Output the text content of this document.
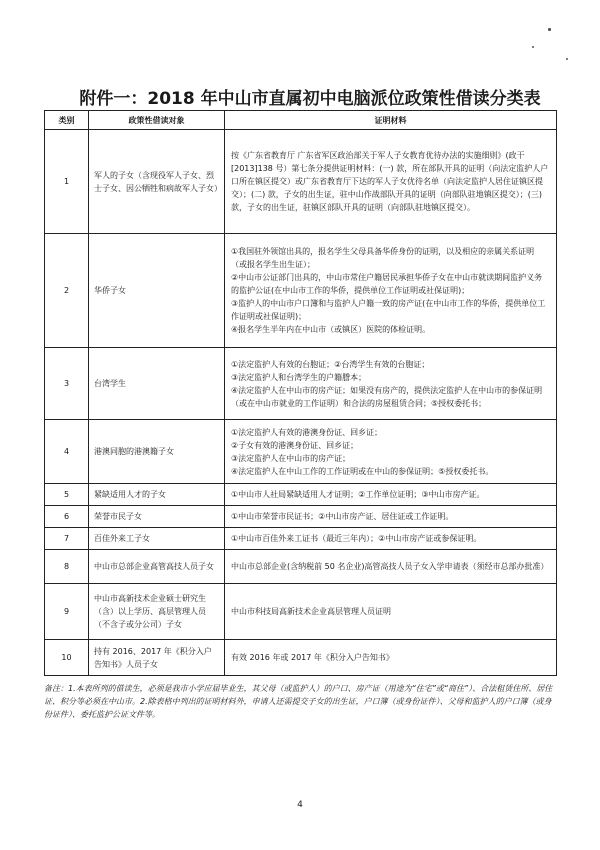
附件一：2018 年中山市直属初中电脑派位政策性借读分类表
类别	政策性借读对象	证明材料
1	军人的子女（含现役军人子女、烈士子女、因公牺牲和病故军人子女）	按《广东省教育厅 广东省军区政治部关于军人子女教育优待办法的实施细则》(政干[2013]138 号）第七条分提供证明材料：(一) 款，所在部队开具的证明（向法定监护人户口所在镇区提交）或广东省教育厅下达的军人子女优待名单（向法定监护人居住证镇区提交）；(二) 款，子女的出生证，驻中山作战部队开具的证明（向部队驻地镇区提交）；(三) 款，子女的出生证，驻镇区部队开具的证明（向部队驻地镇区提交）。

2	华侨子女	①我国驻外领馆出具的，报名学生父母具备华侨身份的证明，以及相应的亲属关系证明（或报名学生出生证）；
②中山市公证部门出具的，中山市常住户籍居民承担华侨子女在中山市就读期间监护义务的监护公证(在中山市工作的华侨，提供单位工作证明或社保证明)；
③监护人的中山市户口簿和与监护人户籍一致的房产证(在中山市工作的华侨，提供单位工作证明或社保证明)；
④报名学生半年内在中山市（或镇区）医院的体检证明。

3	台湾学生	①法定监护人有效的台胞证；②台湾学生有效的台胞证；
③法定监护人和台湾学生的户籍謄本；
④法定监护人在中山市的房产证；如果没有房产的，提供法定监护人在中山市的参保证明（或在中山市就业的工作证明）和合法的房屋租赁合同；⑤授权委托书；

4	港澳同胞的港澳籍子女	①法定监护人有效的港澳身份证、回乡证；
②子女有效的港澳身份证、回乡证；
③法定监护人在中山市的房产证；
④法定监护人在中山工作的工作证明或在中山的参保证明；⑤授权委托书。

5	紧缺适用人才的子女	①中山市人社局紧缺适用人才证明；②工作单位证明；③中山市房产证。

6	荣誉市民子女	①中山市荣誉市民证书；②中山市房产证、居住证或工作证明。

7	百佳外来工子女	①中山市百佳外来工证书（最近三年内）；②中山市房产证或参保证明。

8	中山市总部企业高管高技人员子女	中山市总部企业(含纳税前 50 名企业)高管高技人员子女入学申请表（须经市总部办批准）

9	中山市高新技术企业硕士研究生（含）以上学历、高层管理人员（不含子或分公司）子女	中山市科技局高新技术企业高层管理人员证明

10	持有 2016、2017 年《积分入户告知书》人员子女	有效 2016 年或 2017 年《积分入户告知书》
备注：1.本表所列的借读生，必须是我市小学应届毕业生，其父母（或监护人）的户口、房产证（用途为“住宅”或“商住”）、合法租赁住所、居住证、积分等必须在中山市。2.除表格中列出的证明材料外，申请人还需提交子女的出生证，户口簿（或身份证件）、父母和监护人的户口簿（或身份证件）、委托监护公证文件等。
4
